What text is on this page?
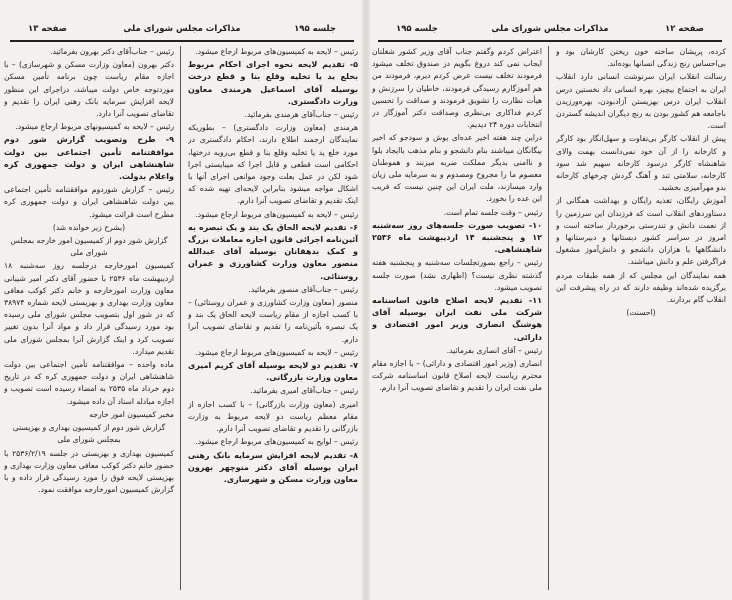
صفحه ۱۳	مذاکرات مجلس شورای ملی	جلسه ۱۹۵

رئیس – جناب‌آقای دکتر بهرون بفرمائید.

دکتر بهرون (معاون وزارت مسکن و شهرسازی) – با اجازه مقام ریاست چون برنامه تأمین مسکن موردتوجه خاص دولت میباشد، دراجرای این منظور لایحه افزایش سرمایه بانک رهنی ایران را تقدیم و تقاضای تصویب آنرا دارد.

رئیس – لایحه به کمیسیونهای مربوط ارجاع میشود.

۹- طرح وتصویب گزارش شور دوم موافقتنامه تأمین اجتماعی بین دولت شاهنشاهی ایران و دولت جمهوری کره واعلام بدولت.

رئیس – گزارش شوردوم موافقتنامه تأمین اجتماعی بین دولت شاهنشاهی ایران و دولت جمهوری کره مطرح است قرائت میشود.

(بشرح زیر خوانده شد)

گزارش شور دوم از کمیسیون امور خارجه بمجلس شورای ملی

کمیسیون امورخارجه درجلسه روز سه‌شنبه ۱۸ اردیبهشت ماه ۲۵۳۶ با حضور آقای دکتر امیر شیبانی معاون وزارت امورخارجه و خانم دکتر کوکب معافی معاون وزارت بهداری و بهزیستی لایحه شماره ۳۸۹۷۴ که در شور اول بتصویب مجلس شورای ملی رسیده بود مورد رسیدگی قرار داد و مواد آنرا بدون تغییر تصویب کرد و اینک گزارش آنرا بمجلس شورای ملی تقدیم میدارد.

ماده واحده – موافقتنامه تأمین اجتماعی بین دولت شاهنشاهی ایران و دولت جمهوری کره که در تاریخ دوم خرداد ماه ۲۵۳۵ به امضاء رسیده است تصویب و اجازه مبادله اسناد آن داده میشود.

مخبر کمیسیون امور خارجه

گزارش شور دوم از کمیسیون بهداری و بهزیستی بمجلس شورای ملی

کمیسیون بهداری و بهزیستی در جلسه ۲۵۳۶/۲/۱۹ با حضور خانم دکتر کوکب معافی معاون وزارت بهداری و بهزیستی لایحه فوق را مورد رسیدگی قرار داده و با گزارش کمیسیون امورخارجه موافقت نمود.

رئیس – لایحه به کمیسیون‌های مربوط ارجاع میشود.

۵- تقدیم لایحه نحوه اجرای احکام مربوط بخلع ید یا تخلیه وقلع بنا و قطع درخت بوسیله آقای اسماعیل هرمندی معاون وزارت دادگستری.

رئیس – جناب‌آقای هرمندی بفرمائید.

هرمندی (معاون وزارت دادگستری) – بطوریکه نمایندگان ارجمند اطلاع دارند، احکام دادگستری در مورد خلع ید یا تخلیه وقلع بنا و قطع بی‌رویه درختها، احکامی است قطعی و قابل اجرا که میبایستی اجرا شود لکن در عمل بعلت وجود موانعی اجرای آنها با اشکال مواجه میشود بنابراین لایحه‌ای تهیه شده که اینک تقدیم و تقاضای تصویب آنرا دارم.

رئیس – لایحه به کمیسیون‌های مربوط ارجاع میشود.

۶- تقدیم لایحه الحاق یک بند و یک تبصره به آئین‌نامه اجرائی قانون اجازه معاملات بزرگ و کمک بدهقانان بوسیله آقای عبدالله منصور معاون وزارت کشاورزی و عمران روستائی.

رئیس – جناب‌آقای منصور بفرمائید.

منصور (معاون وزارت کشاورزی و عمران روستائی) – با کسب اجازه از مقام ریاست لایحه الحاق یک بند و یک تبصره بآئین‌نامه را تقدیم و تقاضای تصویب آنرا دارم.

رئیس – لایحه به کمیسیون‌های مربوط ارجاع میشود.

۷- تقدیم دو لایحه بوسیله آقای کریم امیری معاون وزارت بازرگانی.

رئیس – جناب‌آقای امیری بفرمائید.

امیری (معاون وزارت بازرگانی) – با کسب اجازه از مقام معظم ریاست دو لایحه مربوط به وزارت بازرگانی را تقدیم و تقاضای تصویب آنرا دارم.

رئیس – لوایح به کمیسیون‌های مربوط ارجاع میشود.

۸- تقدیم لایحه افزایش سرمایه بانک رهنی ایران بوسیله آقای دکتر منوچهر بهرون معاون وزارت مسکن و شهرسازی.

جلسه ۱۹۵	مذاکرات مجلس شورای ملی	صفحه ۱۲

اعتراض کردم وگفتم جناب آقای وزیر کشور شغلتان ایجاب نمی کند دروغ بگویم در صندوق تخلف میشود فرمودند تخلف نیست عرض کردم دیرم، فرمودند من هم آموزگارم رسیدگی فرمودند، خاطیان را سرزنش و هیأت نظارت را تشویق فرمودند و صداقت را تحسین کردم فداکاری بی‌نظری وصداقت دکتر آموزگار در انتخابات دوره ۲۴ دیدیم.

دراین چند هفته اخیر عده‌ای یوش و سودجو که اخیر بیگانگان میباشند بنام دانشجو و بنام مذهب باایجاد بلوا و ناامنی بدیگر مملکت ضربه میزنند و هموطنان معصوم ما را مجروح ومصدوم و به سرمایه ملی زیان وارد میسازند، ملت ایران این چنین نیست که فریب این عده را بخورد.

رئیس – وقت جلسه تمام است.

۱۰- تصویب صورت جلسه‌های روز سه‌شنبه ۱۲ و پنجشنبه ۱۴ اردیبهشت ماه ۲۵۳۶ شاهنشاهی.

رئیس – راجع بصورتجلسات سه‌شنبه و پنجشنبه هفته گذشته نظری نیست؟ (اظهاری نشد) صورت جلسه تصویب میشود.

۱۱- تقدیم لایحه اصلاح قانون اساسنامه شرکت ملی نفت ایران بوسیله آقای هوشنگ انصاری وزیر امور اقتصادی و دارائی.

رئیس – آقای انصاری بفرمائید.

انصاری (وزیر امور اقتصادی و دارائی) – با اجازه مقام محترم ریاست لایحه اصلاح قانون اساسنامه شرکت ملی نفت ایران را تقدیم و تقاضای تصویب آنرا دارم.

کرده، پریشان ساخته خون ریختن کارشان بود و بی‌احساس رنج زندگی انسانها بوده‌اند.

رسالت انقلاب ایران سرنوشت انسانی دارد انقلاب ایران به اجتماع بیچیز، بهره انسانی داد نخستین درس انقلاب ایران درس بهزیستن آزادبودن، بهره‌ورزیدن باجامعه هم کشور بودن به رنج دیگران اندیشه گستردن است.

پیش از انقلاب کارگر بی‌تفاوت و سهل‌انگار بود کارگر و کارخانه را از آن خود نمی‌دانست بهمت والای شاهنشاه کارگر درسود کارخانه سهیم شد سود کارخانه، سلامتی تند و آهنگ گردش چرخهای کارخانه بدو مهرآمیزی بخشید.

آموزش رایگان، تغذیه رایگان و بهداشت همگانی از دستاوردهای انقلاب است که فرزندان این سرزمین را از نعمت دانش و تندرستی برخوردار ساخته است و امروز در سراسر کشور دبستانها و دبیرستانها و دانشگاهها با هزاران دانشجو و دانش‌آموز مشغول فراگرفتن علم و دانش میباشند.

همه نمایندگان این مجلس که از همه طبقات مردم برگزیده شده‌اند وظیفه دارند که در راه پیشرفت این انقلاب گام بردارند.

(احسنت)
